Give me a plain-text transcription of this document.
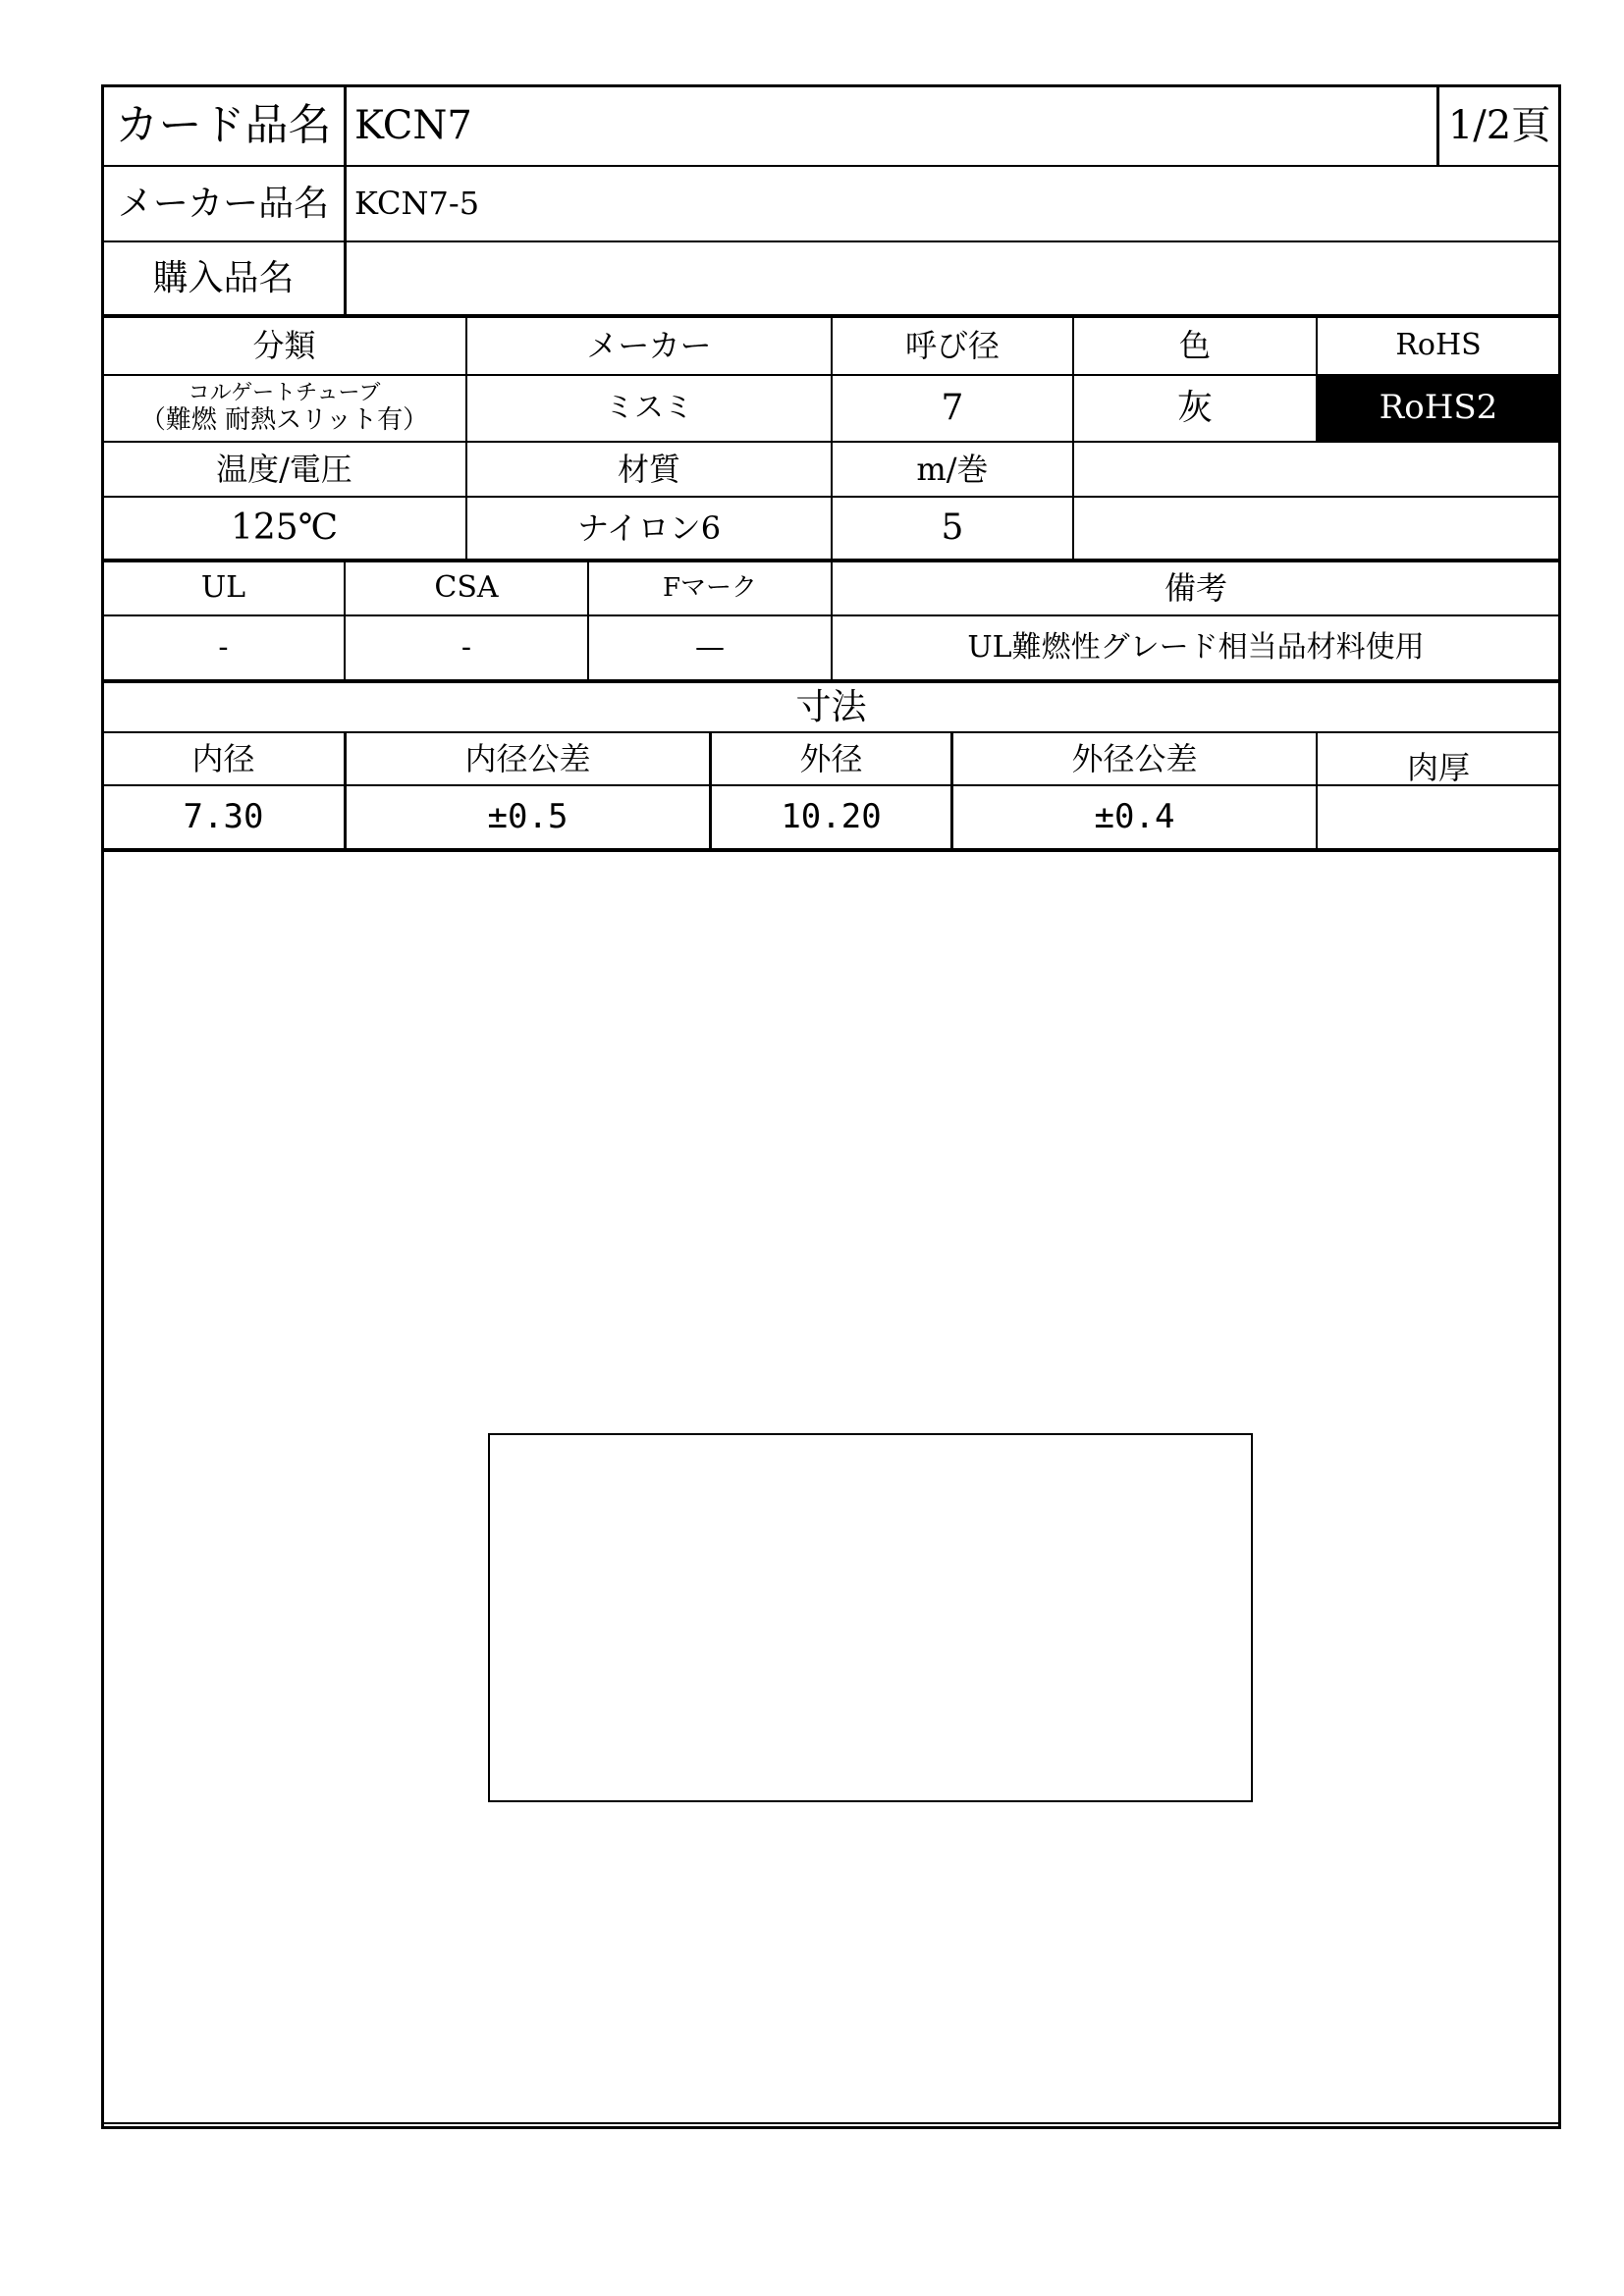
カード品名 KCN7	1/2頁
メーカー品名 KCN7-5
購入品名
分類	メーカー	呼び径	色	RoHS
コルゲートチューブ
（難燃 耐熱スリット有）	ミスミ	7	灰	RoHS2
温度/電圧	材質	m/巻
125℃	ナイロン6	5
UL	CSA	Fマーク	備考
-	-	—	UL難燃性グレード相当品材料使用
寸法
内径	内径公差	外径	外径公差	肉厚
7.30	±0.5	10.20	±0.4
